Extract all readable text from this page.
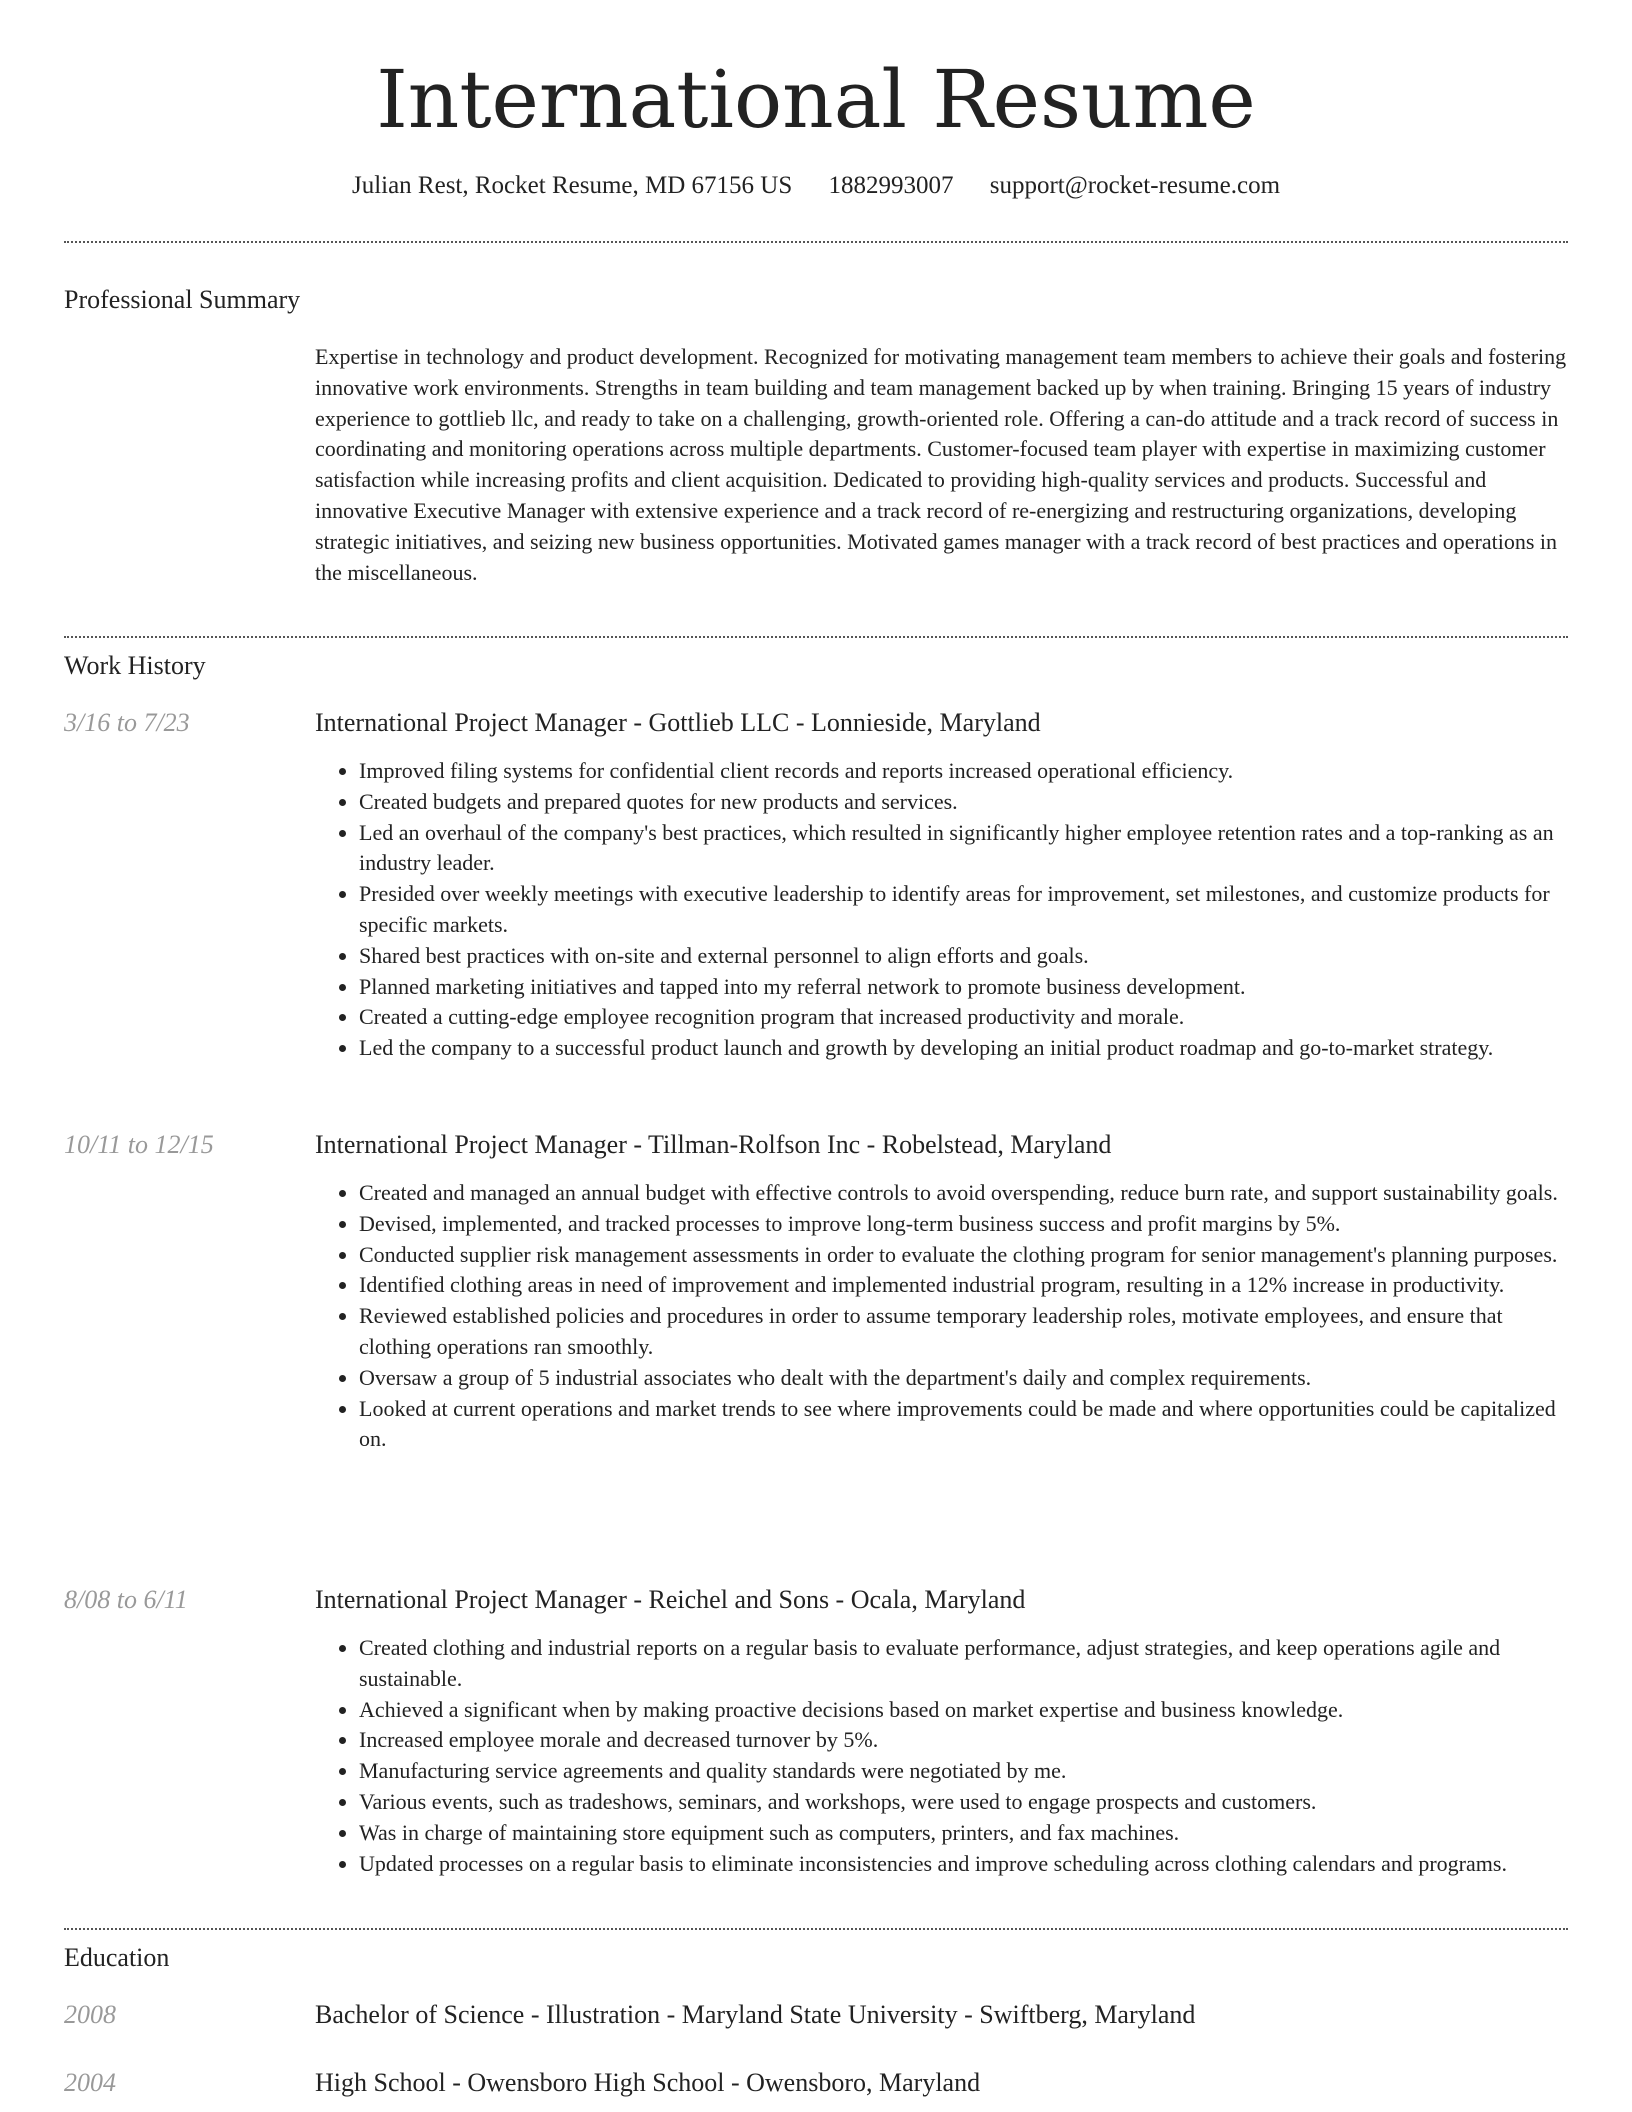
International Resume
Julian Rest, Rocket Resume, MD 67156 US 1882993007 support@rocket-resume.com
Professional Summary

Expertise in technology and product development. Recognized for motivating management team members to achieve their goals and fostering innovative work environments. Strengths in team building and team management backed up by when training. Bringing 15 years of industry experience to gottlieb llc, and ready to take on a challenging, growth-oriented role. Offering a can-do attitude and a track record of success in coordinating and monitoring operations across multiple departments. Customer-focused team player with expertise in maximizing customer satisfaction while increasing profits and client acquisition. Dedicated to providing high-quality services and products. Successful and innovative Executive Manager with extensive experience and a track record of re-energizing and restructuring organizations, developing strategic initiatives, and seizing new business opportunities. Motivated games manager with a track record of best practices and operations in the miscellaneous.

Work History
3/16 to 7/23	International Project Manager - Gottlieb LLC - Lonnieside, Maryland
• Improved filing systems for confidential client records and reports increased operational efficiency.
• Created budgets and prepared quotes for new products and services.
• Led an overhaul of the company's best practices, which resulted in significantly higher employee retention rates and a top-ranking as an industry leader.
• Presided over weekly meetings with executive leadership to identify areas for improvement, set milestones, and customize products for specific markets.
• Shared best practices with on-site and external personnel to align efforts and goals.
• Planned marketing initiatives and tapped into my referral network to promote business development.
• Created a cutting-edge employee recognition program that increased productivity and morale.
• Led the company to a successful product launch and growth by developing an initial product roadmap and go-to-market strategy.
10/11 to 12/15	International Project Manager - Tillman-Rolfson Inc - Robelstead, Maryland
• Created and managed an annual budget with effective controls to avoid overspending, reduce burn rate, and support sustainability goals.
• Devised, implemented, and tracked processes to improve long-term business success and profit margins by 5%.
• Conducted supplier risk management assessments in order to evaluate the clothing program for senior management's planning purposes.
• Identified clothing areas in need of improvement and implemented industrial program, resulting in a 12% increase in productivity.
• Reviewed established policies and procedures in order to assume temporary leadership roles, motivate employees, and ensure that clothing operations ran smoothly.
• Oversaw a group of 5 industrial associates who dealt with the department's daily and complex requirements.
• Looked at current operations and market trends to see where improvements could be made and where opportunities could be capitalized on.
8/08 to 6/11	International Project Manager - Reichel and Sons - Ocala, Maryland
• Created clothing and industrial reports on a regular basis to evaluate performance, adjust strategies, and keep operations agile and sustainable.
• Achieved a significant when by making proactive decisions based on market expertise and business knowledge.
• Increased employee morale and decreased turnover by 5%.
• Manufacturing service agreements and quality standards were negotiated by me.
• Various events, such as tradeshows, seminars, and workshops, were used to engage prospects and customers.
• Was in charge of maintaining store equipment such as computers, printers, and fax machines.
• Updated processes on a regular basis to eliminate inconsistencies and improve scheduling across clothing calendars and programs.
Education
2008	Bachelor of Science - Illustration - Maryland State University - Swiftberg, Maryland
2004	High School - Owensboro High School - Owensboro, Maryland
